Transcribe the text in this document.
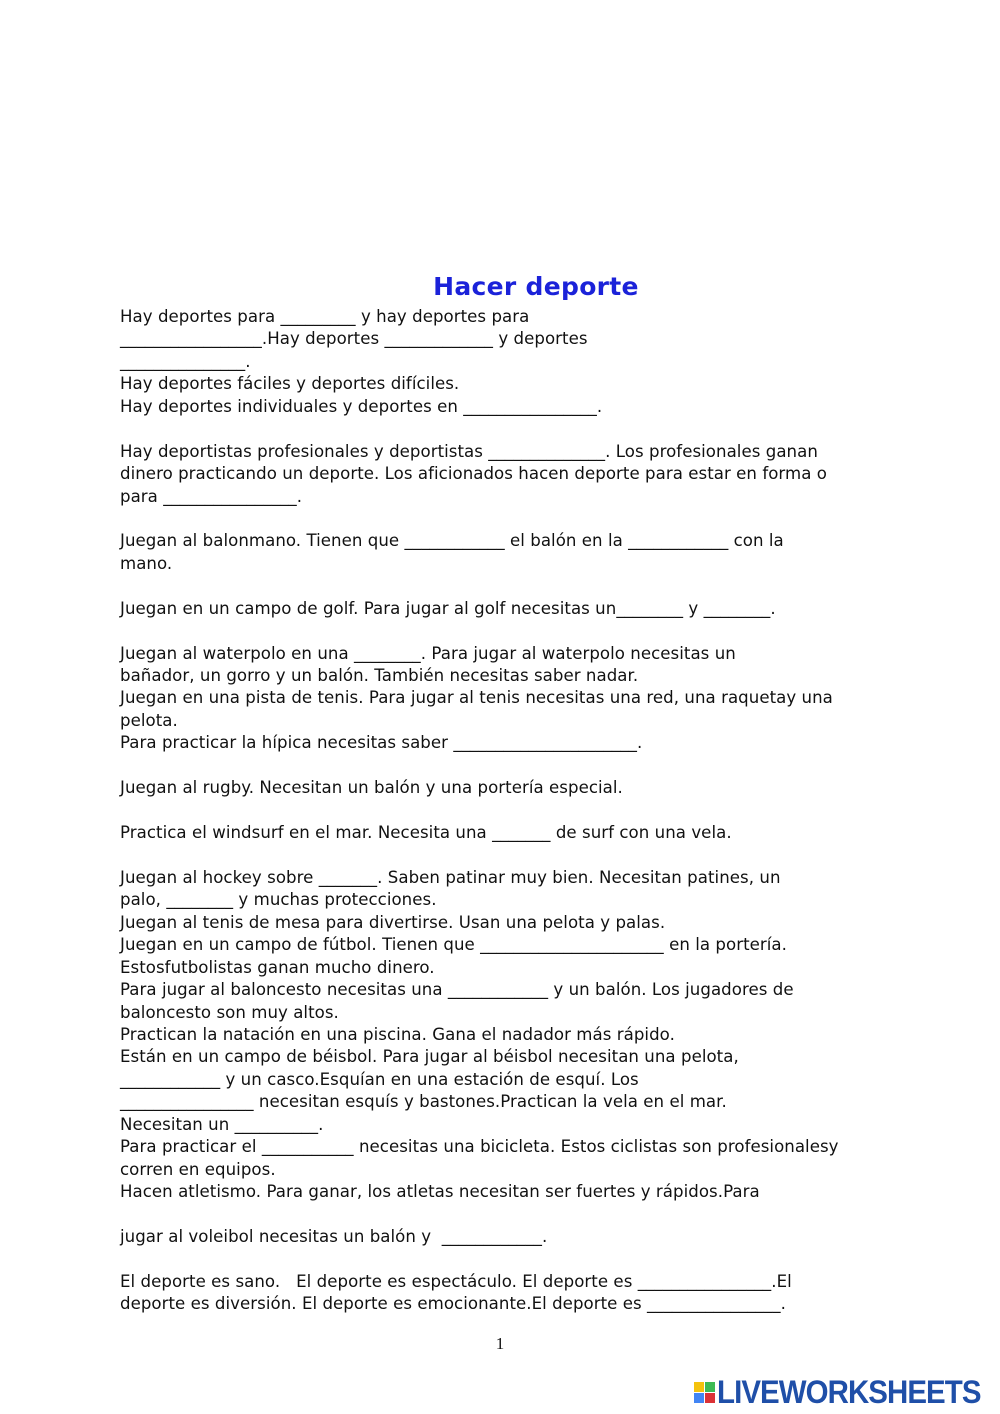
Hacer deporte
Hay deportes para _________ y hay deportes para
_________________.Hay deportes _____________ y deportes
_______________.
Hay deportes fáciles y deportes difíciles.
Hay deportes individuales y deportes en ________________.
Hay deportistas profesionales y deportistas ______________. Los profesionales ganan
dinero practicando un deporte. Los aficionados hacen deporte para estar en forma o
para ________________.
Juegan al balonmano. Tienen que ____________ el balón en la ____________ con la
mano.
Juegan en un campo de golf. Para jugar al golf necesitas un________ y ________.
Juegan al waterpolo en una ________. Para jugar al waterpolo necesitas un
bañador, un gorro y un balón. También necesitas saber nadar.
Juegan en una pista de tenis. Para jugar al tenis necesitas una red, una raquetay una
pelota.
Para practicar la hípica necesitas saber ______________________.
Juegan al rugby. Necesitan un balón y una portería especial.
Practica el windsurf en el mar. Necesita una _______ de surf con una vela.
Juegan al hockey sobre _______. Saben patinar muy bien. Necesitan patines, un
palo, ________ y muchas protecciones.
Juegan al tenis de mesa para divertirse. Usan una pelota y palas.
Juegan en un campo de fútbol. Tienen que ______________________ en la portería.
Estosfutbolistas ganan mucho dinero.
Para jugar al baloncesto necesitas una ____________ y un balón. Los jugadores de
baloncesto son muy altos.
Practican la natación en una piscina. Gana el nadador más rápido.
Están en un campo de béisbol. Para jugar al béisbol necesitan una pelota,
____________ y un casco.Esquían en una estación de esquí. Los
________________ necesitan esquís y bastones.Practican la vela en el mar.
Necesitan un __________.
Para practicar el ___________ necesitas una bicicleta. Estos ciclistas son profesionalesy
corren en equipos.
Hacen atletismo. Para ganar, los atletas necesitan ser fuertes y rápidos.Para
jugar al voleibol necesitas un balón y  ____________.
El deporte es sano.   El deporte es espectáculo. El deporte es ________________.El
deporte es diversión. El deporte es emocionante.El deporte es ________________.
1
LIVEWORKSHEETS
